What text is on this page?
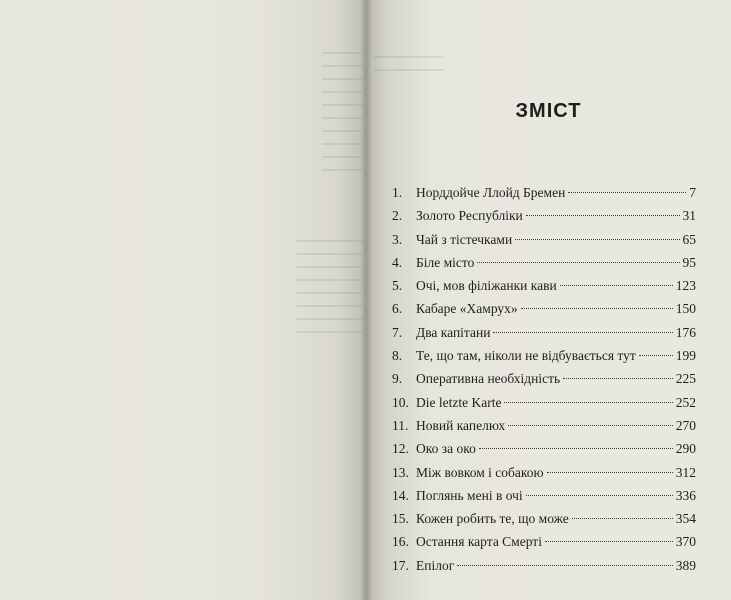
ЗМІСТ
1.	Норддойче Ллойд Бремен	7
2.	Золото Республіки	31
3.	Чай з тістечками	65
4.	Біле місто	95
5.	Очі, мов філіжанки кави	123
6.	Кабаре «Хамрух»	150
7.	Два капітани	176
8.	Те, що там, ніколи не відбувається тут	199
9.	Оперативна необхідність	225
10. Die letzte Karte	252
11. Новий капелюх	270
12. Око за око	290
13. Між вовком і собакою	312
14. Поглянь мені в очі	336
15. Кожен робить те, що може	354
16. Остання карта Смерті	370
17. Епілог	389
